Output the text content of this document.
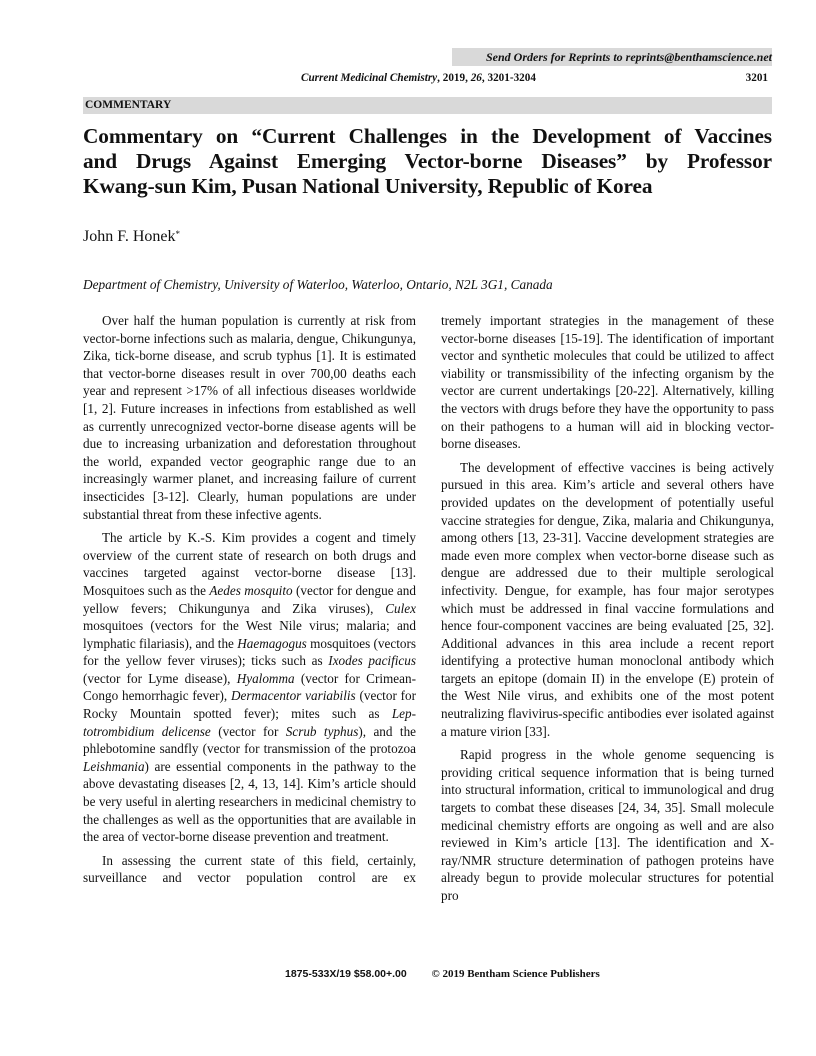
Send Orders for Reprints to reprints@benthamscience.net
Current Medicinal Chemistry, 2019, 26, 3201-3204	3201
COMMENTARY
Commentary on “Current Challenges in the Development of Vaccines
and Drugs Against Emerging Vector-borne Diseases” by Professor
Kwang-sun Kim, Pusan National University, Republic of Korea

John F. Honek*

Department of Chemistry, University of Waterloo, Waterloo, Ontario, N2L 3G1, Canada

Over half the human population is currently at risk from vector-borne infections such as malaria, dengue, Chikungunya, Zika, tick-borne disease, and scrub typhus [1]. It is estimated that vector-borne diseases result in over 700,00 deaths each year and represent >17% of all infectious diseases worldwide [1, 2]. Future increases in infections from established as well as currently unrecognized vector-borne disease agents will be due to increasing urbanization and deforestation throughout the world, expanded vector geographic range due to an increasingly warmer planet, and increasing failure of current insecticides [3-12]. Clearly, human populations are under substantial threat from these infective agents.

The article by K.-S. Kim provides a cogent and timely overview of the current state of research on both drugs and vaccines targeted against vector-borne disease [13]. Mosquitoes such as the Aedes mosquito (vector for dengue and yellow fevers; Chikungunya and Zika viruses), Culex mosquitoes (vectors for the West Nile virus; malaria; and lymphatic filariasis), and the Haemagogus mosquitoes (vectors for the yellow fever viruses); ticks such as Ixodes pacificus (vector for Lyme disease), Hyalomma (vector for Crimean-Congo hemorrhagic fever), Dermacentor variabilis (vector for Rocky Mountain spotted fever); mites such as Leptotrombidium delicense (vector for Scrub typhus), and the phlebotomine sandfly (vector for transmission of the protozoa Leishmania) are essential components in the pathway to the above devastating diseases [2, 4, 13, 14]. Kim’s article should be very useful in alerting researchers in medicinal chemistry to the challenges as well as the opportunities that are available in the area of vector-borne disease prevention and treatment.

In assessing the current state of this field, certainly, surveillance and vector population control are ex

tremely important strategies in the management of these vector-borne diseases [15-19]. The identification of important vector and synthetic molecules that could be utilized to affect viability or transmissibility of the infecting organism by the vector are current undertakings [20-22]. Alternatively, killing the vectors with drugs before they have the opportunity to pass on their pathogens to a human will aid in blocking vector-borne diseases.

The development of effective vaccines is being actively pursued in this area. Kim’s article and several others have provided updates on the development of potentially useful vaccine strategies for dengue, Zika, malaria and Chikungunya, among others [13, 23-31]. Vaccine development strategies are made even more complex when vector-borne disease such as dengue are addressed due to their multiple serological infectivity. Dengue, for example, has four major serotypes which must be addressed in final vaccine formulations and hence four-component vaccines are being evaluated [25, 32]. Additional advances in this area include a recent report identifying a protective human monoclonal antibody which targets an epitope (domain II) in the envelope (E) protein of the West Nile virus, and exhibits one of the most potent neutralizing flavivirus-specific antibodies ever isolated against a mature virion [33].

Rapid progress in the whole genome sequencing is providing critical sequence information that is being turned into structural information, critical to immunological and drug targets to combat these diseases [24, 34, 35]. Small molecule medicinal chemistry efforts are ongoing as well and are also reviewed in Kim’s article [13]. The identification and X-ray/NMR structure determination of pathogen proteins have already begun to provide molecular structures for potential pro

1875-533X/19 $58.00+.00 © 2019 Bentham Science Publishers
